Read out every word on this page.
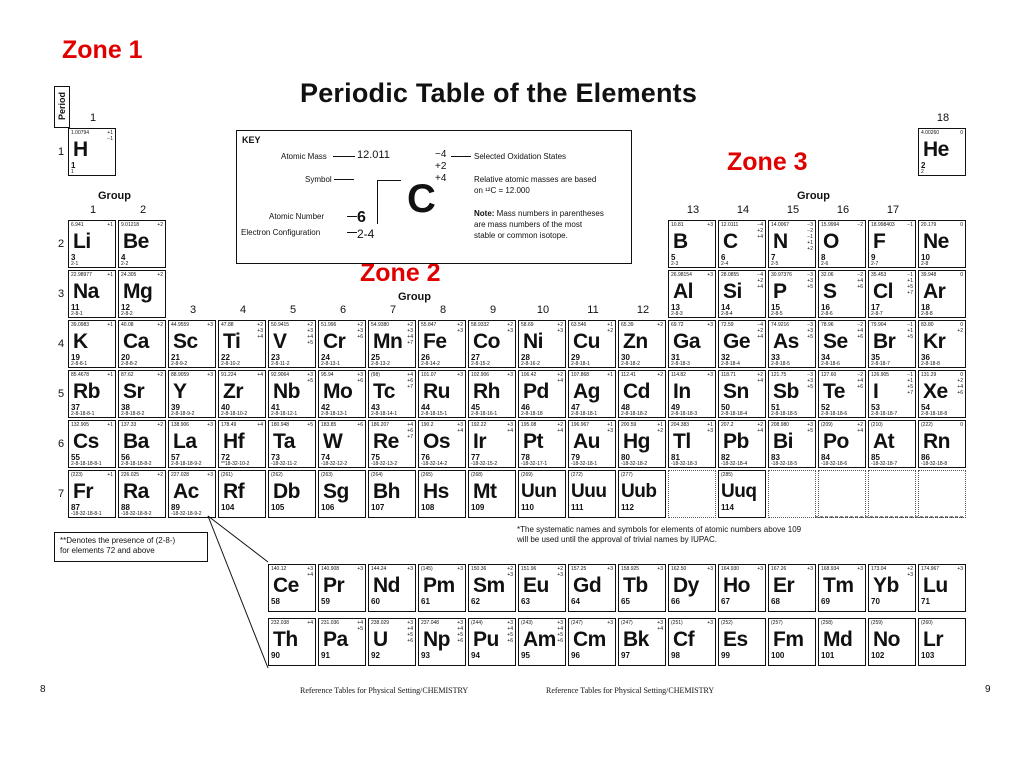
Zone 1
Zone 2
Zone 3
Periodic Table of the Elements
Period
Group
Group
Group
1
1
2
3	4	5	6	7	8	9	10	11	12
13	14	15	16	17
18
1
2
3
4
5
6
7
KEY
Atomic Mass
Symbol
Atomic Number
Electron Configuration
12.011
C
6
2-4
−4
+2
+4
Selected Oxidation States
Relative atomic masses are based
on ¹²C = 12.000
Note: Mass numbers in parentheses
are mass numbers of the most
stable or common isotope.
1.00794	+1
−1
H
1
1
4.00260	0
He
2
2
6.941	+1
Li
3
2-1
9.01218	+2
Be
4
2-2
10.81	+3
B
5
2-3
12.0111	−4
+2
+4
C
6
2-4
14.0067	−3
−2
−1
+1
+2
N
7
2-5
15.9994	−2
O
8
2-6
18.998403	−1
F
9
2-7
20.179	0
Ne
10
2-8
22.98977	+1
Na
11
2-8-1
24.305	+2
Mg
12
2-8-2
26.98154	+3
Al
13
2-8-3
28.0855	−4
+2
+4
Si
14
2-8-4
30.97376	−3
+3
+5
P
15
2-8-5
32.06	−2
+4
+6
S
16
2-8-6
35.453	−1
+1
+5
+7
Cl
17
2-8-7
39.948	0
Ar
18
2-8-8
39.0983	+1
K
19
2-8-8-1
40.08	+2
Ca
20
2-8-8-2
44.9559	+3
Sc
21
2-8-9-2
47.88	+2
+3
+4
Ti
22
2-8-10-2
50.9415	+2
+3
+4
+5
V
23
2-8-11-2
51.996	+2
+3
+6
Cr
24
2-8-13-1
54.9380	+2
+3
+4
+7
Mn
25
2-8-13-2
55.847	+2
+3
Fe
26
2-8-14-2
58.9332	+2
+3
Co
27
2-8-15-2
58.69	+2
+3
Ni
28
2-8-16-2
63.546	+1
+2
Cu
29
2-8-18-1
65.39	+2
Zn
30
2-8-18-2
69.72	+3
Ga
31
2-8-18-3
72.59	−4
+2
+4
Ge
32
2-8-18-4
74.9216	−3
+3
+5
As
33
2-8-18-5
78.96	−2
+4
+6
Se
34
2-8-18-6
79.904	−1
+1
+5
Br
35
2-8-18-7
83.80	0
+2
Kr
36
2-8-18-8
85.4678	+1
Rb
37
2-8-18-8-1
87.62	+2
Sr
38
2-8-18-8-2
88.9059	+3
Y
39
2-8-18-9-2
91.224	+4
Zr
40
2-8-18-10-2
92.9064	+3
+5
Nb
41
2-8-18-12-1
95.94	+3
+6
Mo
42
2-8-18-13-1
(98)	+4
+6
+7
Tc
43
2-8-18-14-1
101.07	+3
Ru
44
2-8-18-15-1
102.906	+3
Rh
45
2-8-18-16-1
106.42	+2
+4
Pd
46
2-8-18-18
107.868	+1
Ag
47
2-8-18-18-1
112.41	+2
Cd
48
2-8-18-18-2
114.82	+3
In
49
2-8-18-18-3
118.71	+2
+4
Sn
50
2-8-18-18-4
121.75	−3
+3
+5
Sb
51
2-8-18-18-5
127.60	−2
+4
+6
Te
52
2-8-18-18-6
126.905	−1
+1
+5
+7
I
53
2-8-18-18-7
131.29	0
+2
+4
+6
Xe
54
2-8-18-18-8
132.905	+1
Cs
55
2-8-18-18-8-1
137.33	+2
Ba
56
2-8-18-18-8-2
138.906	+3
La
57
2-8-18-18-9-2
178.49	+4
Hf
72
**18-32-10-2
180.948	+5
Ta
73
-18-32-11-2
183.85	+6
W
74
-18-32-12-2
186.207	+4
+6
+7
Re
75
-18-32-13-2
190.2	+3
+4
Os
76
-18-32-14-2
192.22	+3
+4
Ir
77
-18-32-15-2
195.08	+2
+4
Pt
78
-18-32-17-1
196.967	+1
+3
Au
79
-18-32-18-1
200.59	+1
+2
Hg
80
-18-32-18-2
204.383	+1
+3
Tl
81
-18-32-18-3
207.2	+2
+4
Pb
82
-18-32-18-4
208.980	+3
+5
Bi
83
-18-32-18-5
(209)	+2
+4
Po
84
-18-32-18-6
(210)
At
85
-18-32-18-7
(222)	0
Rn
86
-18-32-18-8
(223)	+1
Fr
87
-18-32-18-8-1
226.025	+2
Ra
88
-18-32-18-8-2
227.028	+3
Ac
89
-18-32-18-9-2
(261)
Rf
104
(262)
Db
105
(263)
Sg
106
(264)
Bh
107
(265)
Hs
108
(268)
Mt
109
(269)
Uun
110
(272)
Uuu
111
(277)
Uub
112
(285)
Uuq
114
140.12	+3
+4
Ce
58
140.908	+3
Pr
59
144.24	+3
Nd
60
(145)	+3
Pm
61
150.36	+2
+3
Sm
62
151.96	+2
+3
Eu
63
157.25	+3
Gd
64
158.925	+3
Tb
65
162.50	+3
Dy
66
164.930	+3
Ho
67
167.26	+3
Er
68
168.934	+3
Tm
69
173.04	+2
+3
Yb
70
174.967	+3
Lu
71
232.038	+4
Th
90
231.036	+4
+5
Pa
91
238.029	+3
+4
+5
+6
U
92
237.048	+3
+4
+5
+6
Np
93
(244)	+3
+4
+5
+6
Pu
94
(243)	+3
+4
+5
+6
Am
95
(247)	+3
Cm
96
(247)	+3
+4
Bk
97
(251)	+3
Cf
98
(252)
Es
99
(257)
Fm
100
(258)
Md
101
(259)
No
102
(260)
Lr
103
**Denotes the presence of (2-8-)
for elements 72 and above
*The systematic names and symbols for elements of atomic numbers above 109
will be used until the approval of trivial names by IUPAC.
8	Reference Tables for Physical Setting/CHEMISTRY	Reference Tables for Physical Setting/CHEMISTRY	9
